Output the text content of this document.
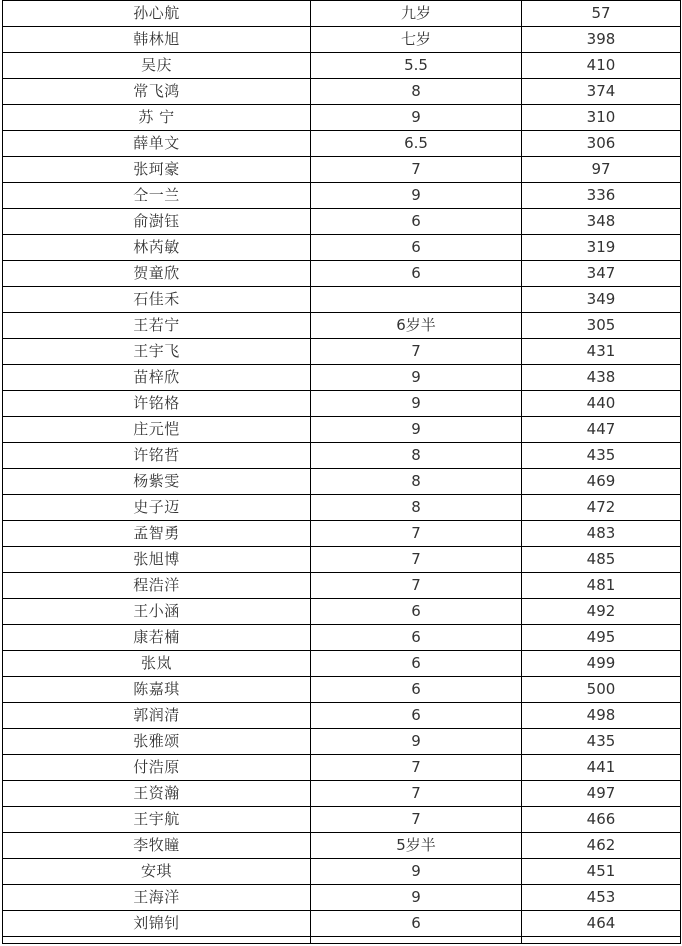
孙心航	九岁	57
韩林旭	七岁	398
吴庆	5.5	410
常飞鸿	8	374
苏 宁	9	310
薛单文	6.5	306
张珂豪	7	97
仝一兰	9	336
俞澍钰	6	348
林芮敏	6	319
贺童欣	6	347
石佳禾		349
王若宁	6岁半	305
王宇飞	7	431
苗梓欣	9	438
许铭格	9	440
庄元恺	9	447
许铭哲	8	435
杨紫雯	8	469
史子迈	8	472
孟智勇	7	483
张旭博	7	485
程浩洋	7	481
王小涵	6	492
康若楠	6	495
张岚	6	499
陈嘉琪	6	500
郭润清	6	498
张雅颂	9	435
付浩原	7	441
王资瀚	7	497
王宇航	7	466
李牧瞳	5岁半	462
安琪	9	451
王海洋	9	453
刘锦钊	6	464
